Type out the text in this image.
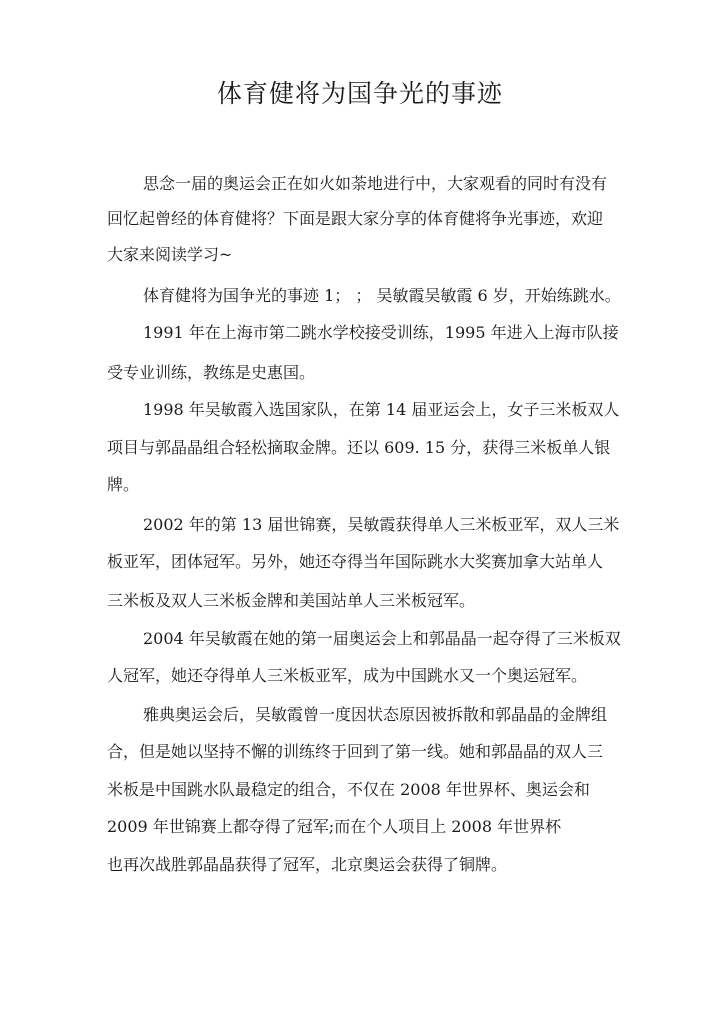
体育健将为国争光的事迹

思念一届的奥运会正在如火如荼地进行中，大家观看的同时有没有

回忆起曾经的体育健将？下面是跟大家分享的体育健将争光事迹，欢迎

大家来阅读学习~

体育健将为国争光的事迹 1； ； 吴敏霞吴敏霞 6 岁，开始练跳水。

1991 年在上海市第二跳水学校接受训练，1995 年进入上海市队接

受专业训练，教练是史惠国。

1998 年吴敏霞入选国家队，在第 14 届亚运会上，女子三米板双人

项目与郭晶晶组合轻松摘取金牌。还以 609. 15 分，获得三米板单人银

牌。

2002 年的第 13 届世锦赛，吴敏霞获得单人三米板亚军，双人三米

板亚军，团体冠军。另外，她还夺得当年国际跳水大奖赛加拿大站单人

三米板及双人三米板金牌和美国站单人三米板冠军。

2004 年吴敏霞在她的第一届奥运会上和郭晶晶一起夺得了三米板双

人冠军，她还夺得单人三米板亚军，成为中国跳水又一个奥运冠军。

雅典奥运会后，吴敏霞曾一度因状态原因被拆散和郭晶晶的金牌组

合，但是她以坚持不懈的训练终于回到了第一线。她和郭晶晶的双人三

米板是中国跳水队最稳定的组合，不仅在 2008 年世界杯、奥运会和

2009 年世锦赛上都夺得了冠军;而在个人项目上 2008 年世界杯

也再次战胜郭晶晶获得了冠军，北京奥运会获得了铜牌。
